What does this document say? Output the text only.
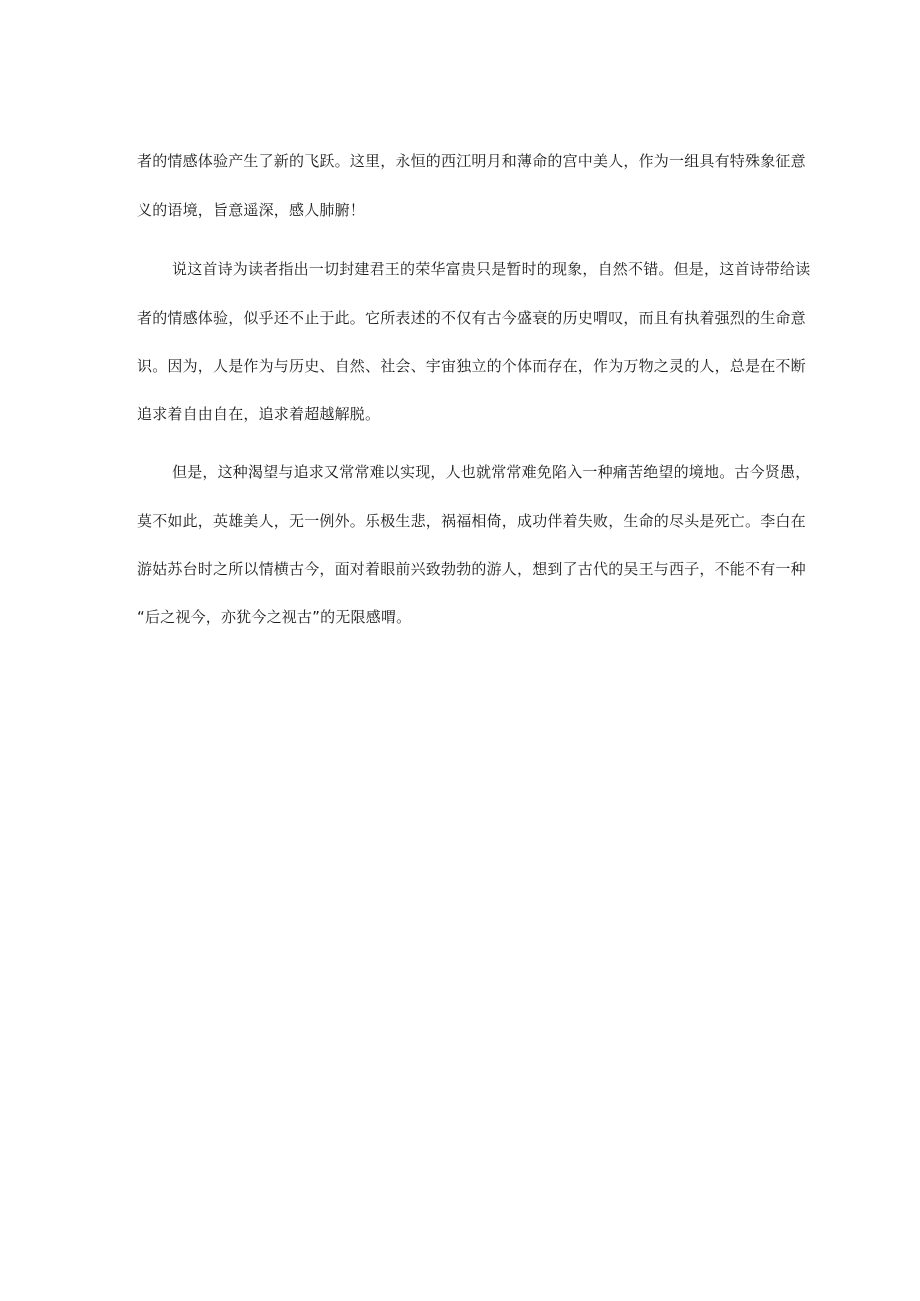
者的情感体验产生了新的飞跃。这里，永恒的西江明月和薄命的宫中美人，作为一组具有特殊象征意
义的语境，旨意遥深，感人肺腑！
说这首诗为读者指出一切封建君王的荣华富贵只是暂时的现象，自然不错。但是，这首诗带给读
者的情感体验，似乎还不止于此。它所表述的不仅有古今盛衰的历史喟叹，而且有执着强烈的生命意
识。因为，人是作为与历史、自然、社会、宇宙独立的个体而存在，作为万物之灵的人，总是在不断
追求着自由自在，追求着超越解脱。
但是，这种渴望与追求又常常难以实现，人也就常常难免陷入一种痛苦绝望的境地。古今贤愚，
莫不如此，英雄美人，无一例外。乐极生悲，祸福相倚，成功伴着失败，生命的尽头是死亡。李白在
游姑苏台时之所以情横古今，面对着眼前兴致勃勃的游人，想到了古代的吴王与西子，不能不有一种
“后之视今，亦犹今之视古”的无限感喟。
